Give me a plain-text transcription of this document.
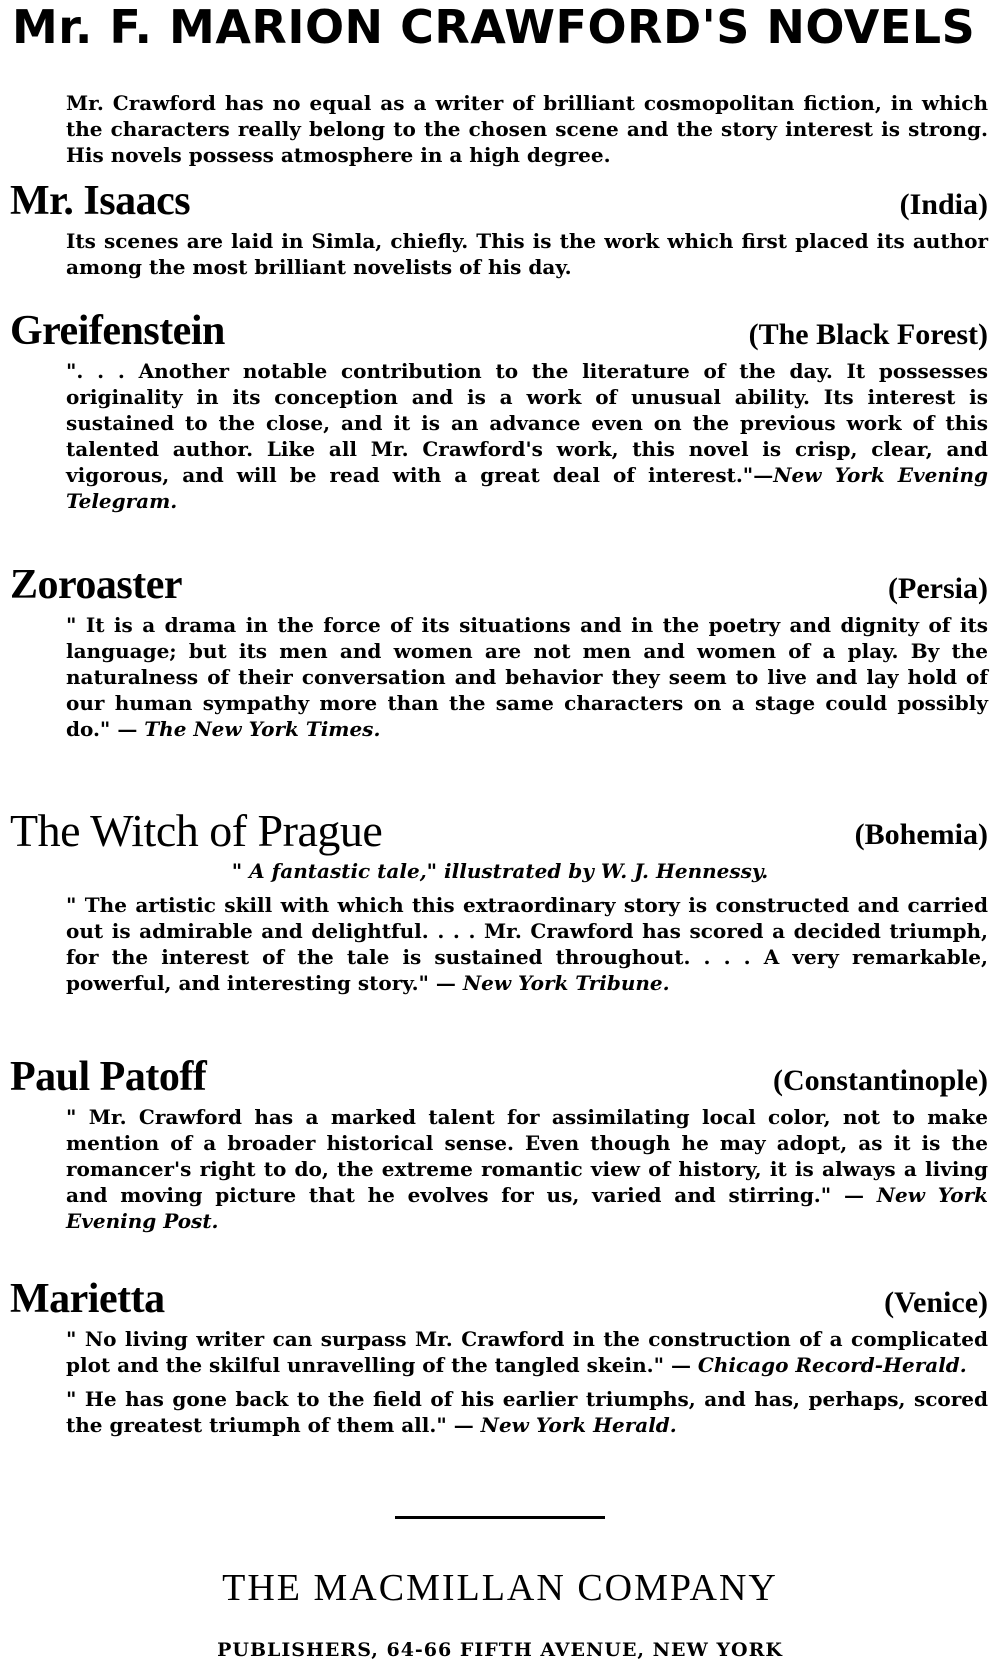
Mr. F. MARION CRAWFORD'S NOVELS

Mr. Crawford has no equal as a writer of brilliant cosmopolitan fiction, in which the characters really belong to the chosen scene and the story interest is strong. His novels possess atmosphere in a high degree.

Mr. Isaacs	(India)

Its scenes are laid in Simla, chiefly. This is the work which first placed its author among the most brilliant novelists of his day.

Greifenstein	(The Black Forest)

". . . Another notable contribution to the literature of the day. It possesses originality in its conception and is a work of unusual ability. Its interest is sustained to the close, and it is an advance even on the previous work of this talented author. Like all Mr. Crawford's work, this novel is crisp, clear, and vigorous, and will be read with a great deal of interest."—New York Evening Telegram.

Zoroaster	(Persia)

" It is a drama in the force of its situations and in the poetry and dignity of its language; but its men and women are not men and women of a play. By the naturalness of their conversation and behavior they seem to live and lay hold of our human sympathy more than the same characters on a stage could possibly do." — The New York Times.

The Witch of Prague	(Bohemia)

" A fantastic tale," illustrated by W. J. Hennessy.

" The artistic skill with which this extraordinary story is constructed and carried out is admirable and delightful. . . . Mr. Crawford has scored a decided triumph, for the interest of the tale is sustained throughout. . . . A very remarkable, powerful, and interesting story." — New York Tribune.

Paul Patoff	(Constantinople)

" Mr. Crawford has a marked talent for assimilating local color, not to make mention of a broader historical sense. Even though he may adopt, as it is the romancer's right to do, the extreme romantic view of history, it is always a living and moving picture that he evolves for us, varied and stirring." — New York Evening Post.

Marietta	(Venice)

" No living writer can surpass Mr. Crawford in the construction of a complicated plot and the skilful unravelling of the tangled skein." — Chicago Record-Herald.

" He has gone back to the field of his earlier triumphs, and has, perhaps, scored the greatest triumph of them all." — New York Herald.

THE MACMILLAN COMPANY

PUBLISHERS, 64-66 FIFTH AVENUE, NEW YORK
